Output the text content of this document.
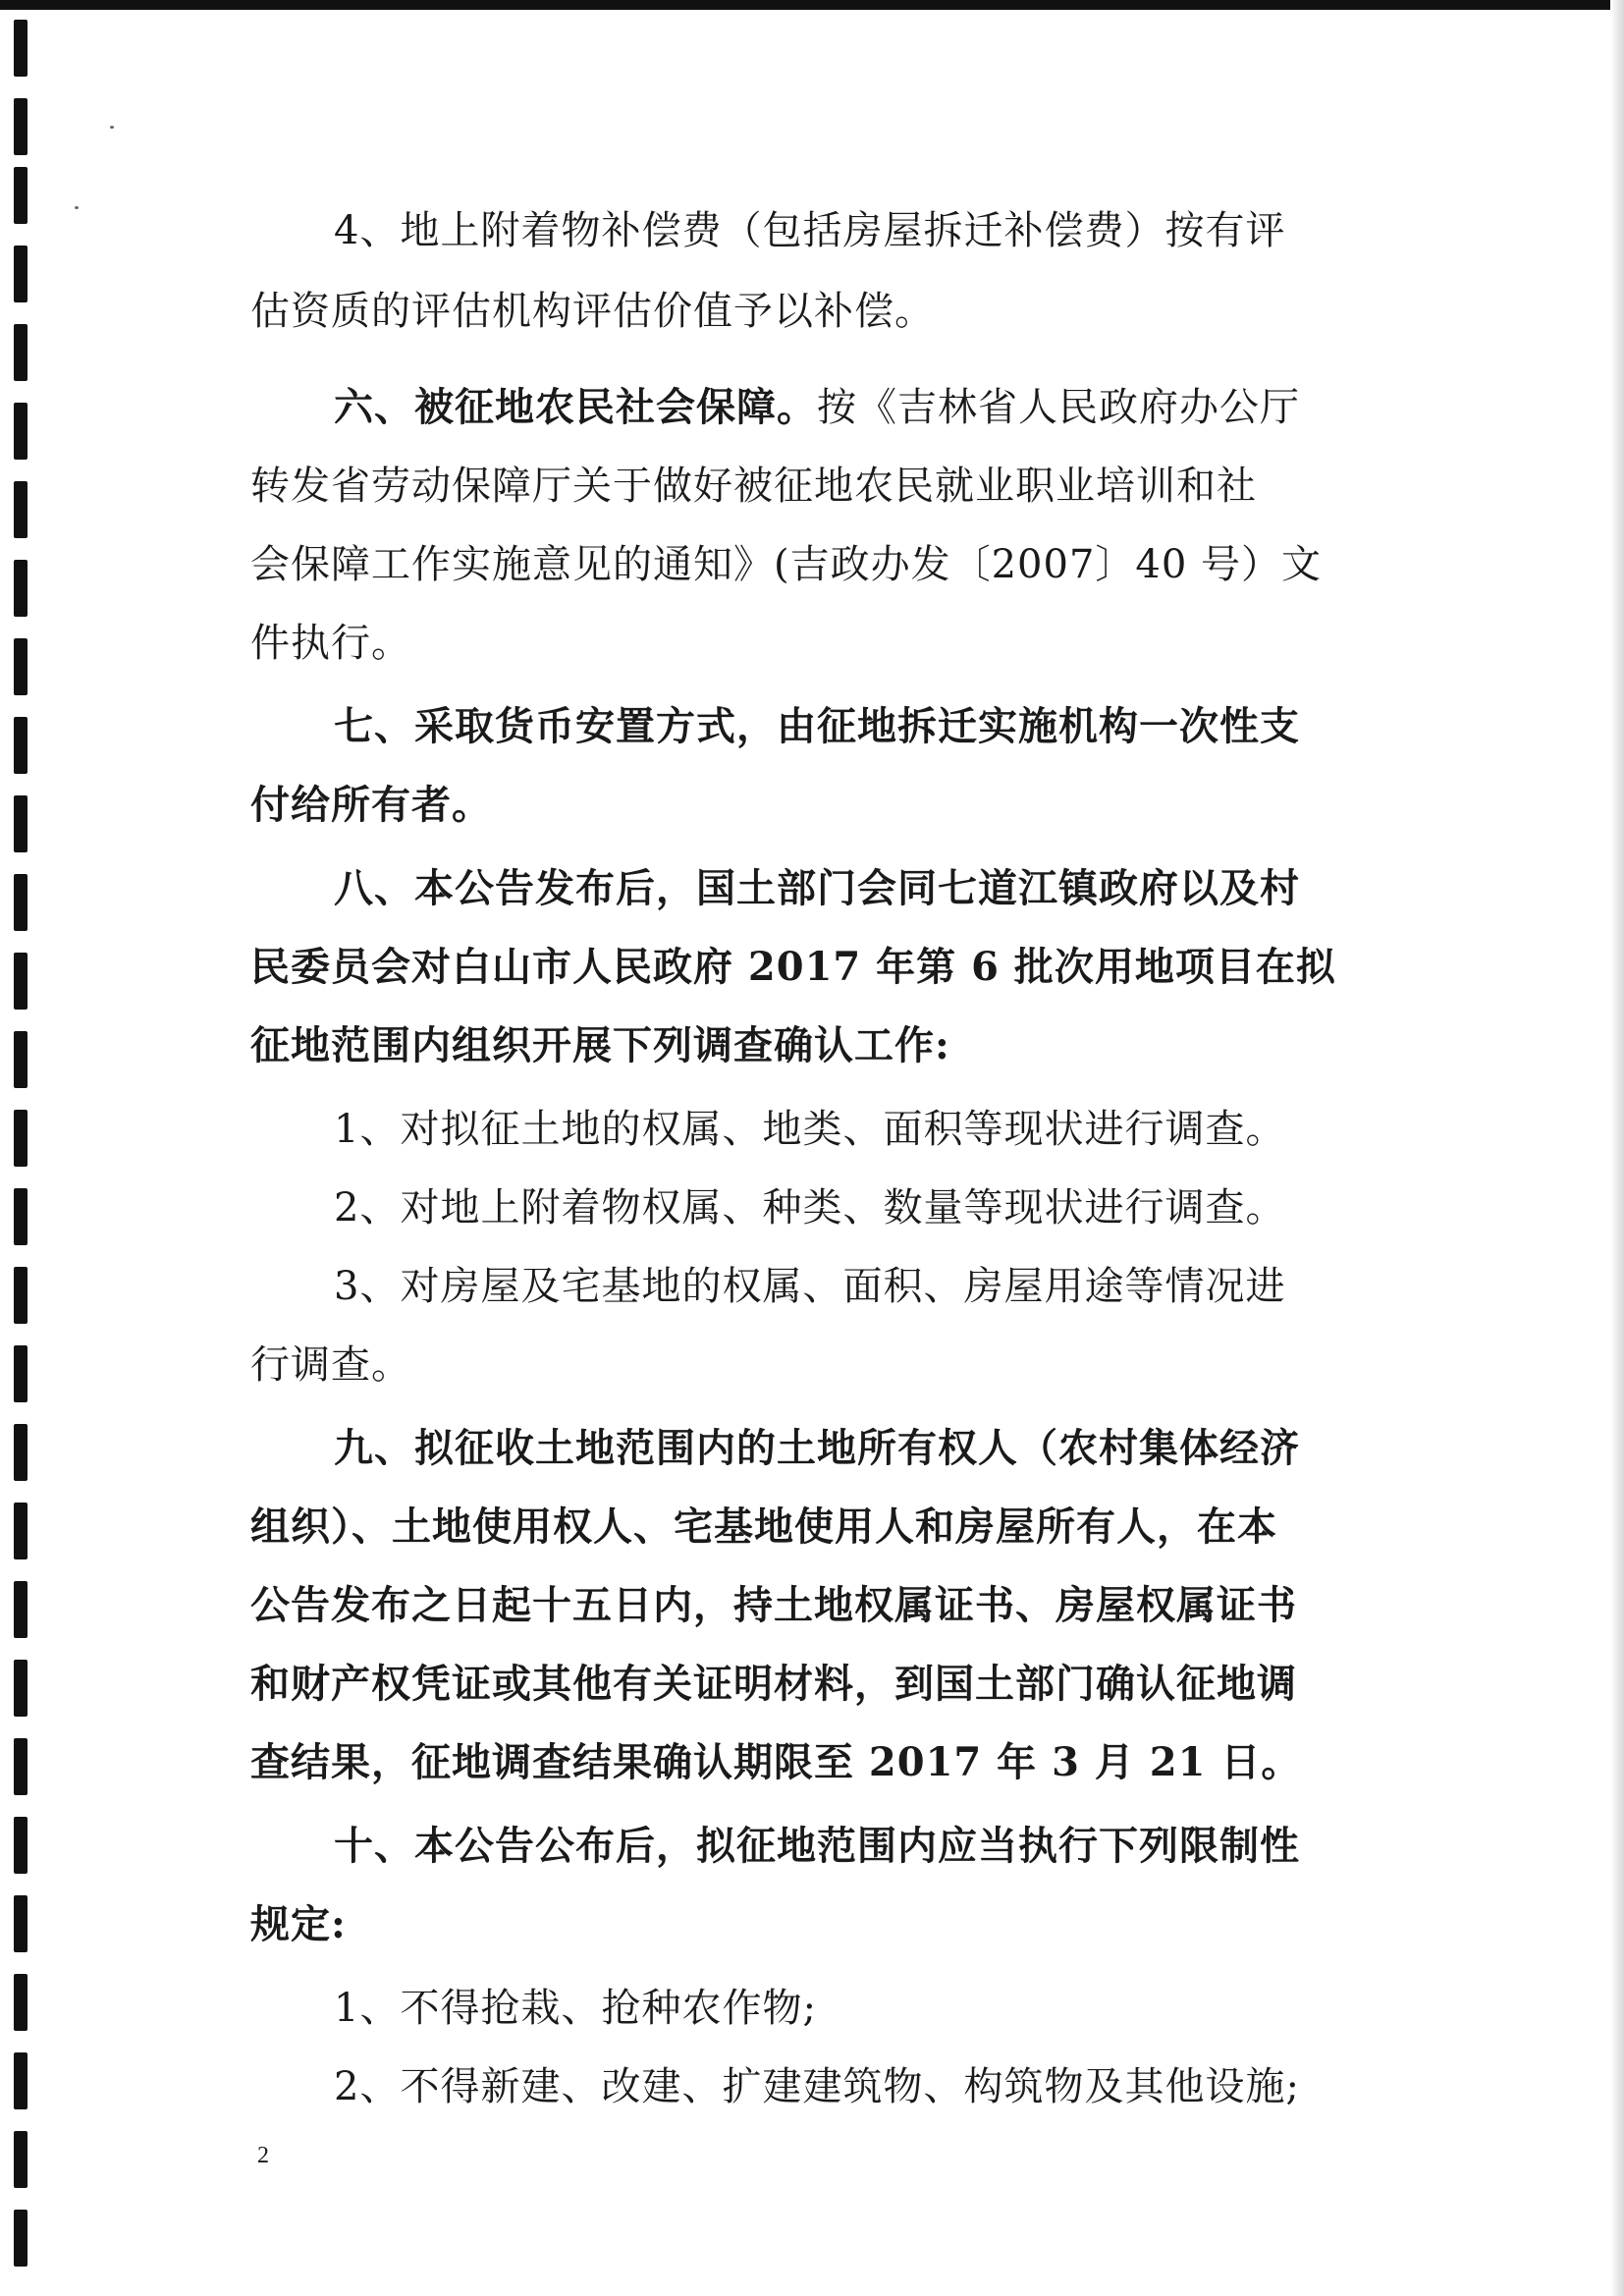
4、地上附着物补偿费（包括房屋拆迁补偿费）按有评
估资质的评估机构评估价值予以补偿。
六、被征地农民社会保障。按《吉林省人民政府办公厅
转发省劳动保障厅关于做好被征地农民就业职业培训和社
会保障工作实施意见的通知》(吉政办发〔2007〕40 号）文
件执行。
七、采取货币安置方式，由征地拆迁实施机构一次性支
付给所有者。
八、本公告发布后，国土部门会同七道江镇政府以及村
民委员会对白山市人民政府 2017 年第 6 批次用地项目在拟
征地范围内组织开展下列调查确认工作:
1、对拟征土地的权属、地类、面积等现状进行调查。
2、对地上附着物权属、种类、数量等现状进行调查。
3、对房屋及宅基地的权属、面积、房屋用途等情况进
行调查。
九、拟征收土地范围内的土地所有权人（农村集体经济
组织）、土地使用权人、宅基地使用人和房屋所有人，在本
公告发布之日起十五日内，持土地权属证书、房屋权属证书
和财产权凭证或其他有关证明材料，到国土部门确认征地调
查结果，征地调查结果确认期限至 2017 年 3 月 21 日。
十、本公告公布后，拟征地范围内应当执行下列限制性
规定:
1、不得抢栽、抢种农作物;
2、不得新建、改建、扩建建筑物、构筑物及其他设施;
2
